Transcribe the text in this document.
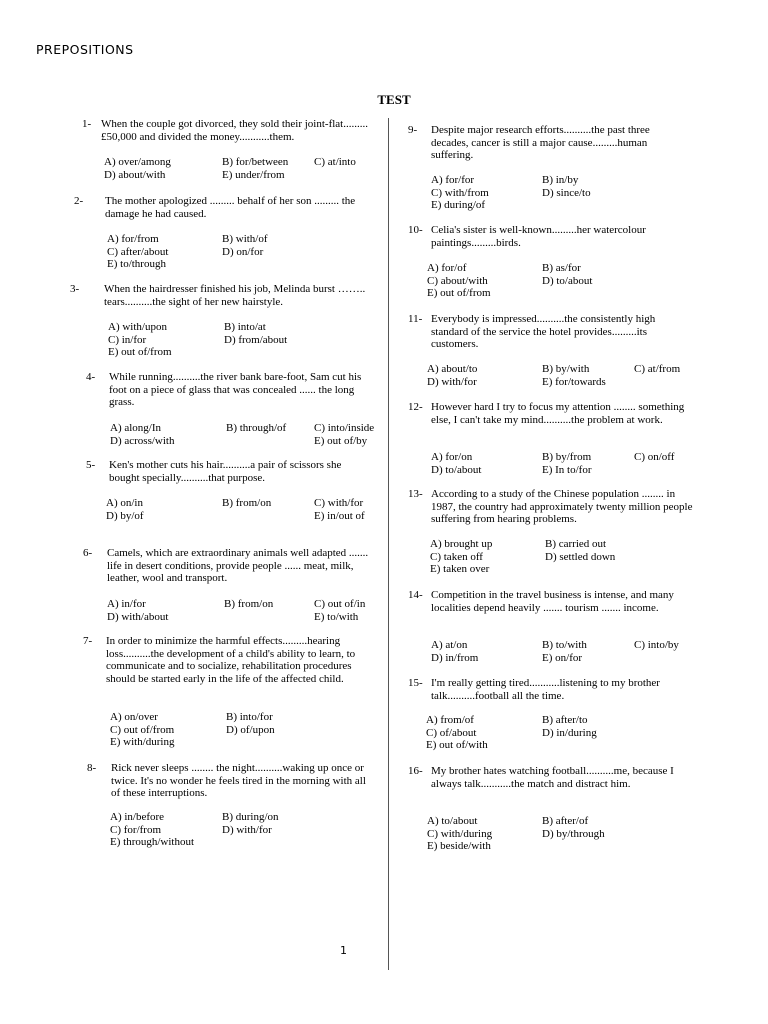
PREPOSITIONS
TEST
1
1- When the couple got divorced, they sold their joint-flat......... £50,000 and divided the money...........them.
A) over/among	B) for/between C) at/into
D) about/with	E) under/from
2- The mother apologized ......... behalf of her son ......... the damage he had caused.
A) for/from	B) with/of
C) after/about	D) on/for
E) to/through
3- When the hairdresser finished his job, Melinda burst …….. tears..........the sight of her new hairstyle.
A) with/upon	B) into/at
C) in/for	D) from/about
E) out of/from
4- While running..........the river bank bare-foot, Sam cut his foot on a piece of glass that was concealed ...... the long grass.
A) along/In	B) through/of	C) into/inside
D) across/with	E) out of/by
5- Ken's mother cuts his hair..........a pair of scissors she bought specially..........that purpose.
A) on/in	B) from/on	C) with/for
D) by/of	E) in/out of
6- Camels, which are extraordinary animals well adapted ....... life in desert conditions, provide people ...... meat, milk, leather, wool and transport.
A) in/for	B) from/on	C) out of/in
D) with/about	E) to/with
7- In order to minimize the harmful effects.........hearing loss..........the development of a child's ability to learn, to communicate and to socialize, rehabilitation procedures should be started early in the life of the affected child.
A) on/over	B) into/for
C) out of/from	D) of/upon
E) with/during
8- Rick never sleeps ........ the night..........waking up once or twice. It's no wonder he feels tired in the morning with all of these interruptions.
A) in/before	B) during/on
C) for/from	D) with/for
E) through/without
9- Despite major research efforts..........the past three decades, cancer is still a major cause.........human suffering.
A) for/for	B) in/by
C) with/from	D) since/to
E) during/of
10- Celia's sister is well-known.........her watercolour paintings.........birds.
A) for/of	B) as/for
C) about/with	D) to/about
E) out of/from
11- Everybody is impressed..........the consistently high standard of the service the hotel provides.........its customers.
A) about/to	B) by/with	C) at/from
D) with/for	E) for/towards
12- However hard I try to focus my attention ........ something else, I can't take my mind..........the problem at work.
A) for/on	B) by/from	C) on/off
D) to/about	E) In to/for
13- According to a study of the Chinese population ........ in 1987, the country had approximately twenty million people suffering from hearing problems.
A) brought up	B) carried out
C) taken off	D) settled down
E) taken over
14- Competition in the travel business is intense, and many localities depend heavily ....... tourism ....... income.
A) at/on	B) to/with	C) into/by
D) in/from	E) on/for
15- I'm really getting tired...........listening to my brother talk..........football all the time.
A) from/of	B) after/to
C) of/about	D) in/during
E) out of/with
16- My brother hates watching football..........me, because I always talk...........the match and distract him.
A) to/about	B) after/of
C) with/during	D) by/through
E) beside/with
